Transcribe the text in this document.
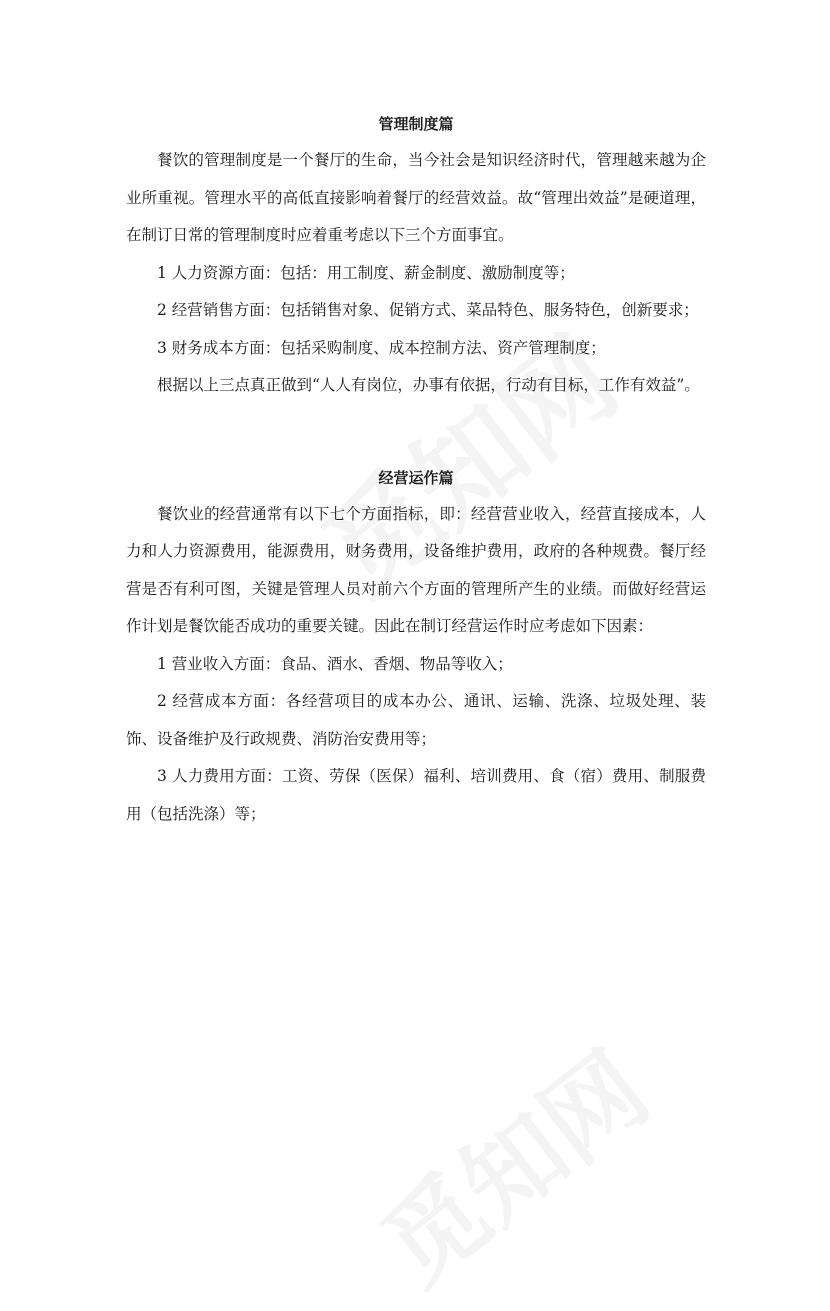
管理制度篇

餐饮的管理制度是一个餐厅的生命，当今社会是知识经济时代，管理越来越为企业所重视。管理水平的高低直接影响着餐厅的经营效益。故“管理出效益”是硬道理，在制订日常的管理制度时应着重考虑以下三个方面事宜。

1 人力资源方面：包括：用工制度、薪金制度、激励制度等；

2 经营销售方面：包括销售对象、促销方式、菜品特色、服务特色，创新要求；

3 财务成本方面：包括采购制度、成本控制方法、资产管理制度；

根据以上三点真正做到“人人有岗位，办事有依据，行动有目标，工作有效益”。

经营运作篇

餐饮业的经营通常有以下七个方面指标，即：经营营业收入，经营直接成本，人力和人力资源费用，能源费用，财务费用，设备维护费用，政府的各种规费。餐厅经营是否有利可图，关键是管理人员对前六个方面的管理所产生的业绩。而做好经营运作计划是餐饮能否成功的重要关键。因此在制订经营运作时应考虑如下因素：

1 营业收入方面：食品、酒水、香烟、物品等收入；

2 经营成本方面：各经营项目的成本办公、通讯、运输、洗涤、垃圾处理、装饰、设备维护及行政规费、消防治安费用等；

3 人力费用方面：工资、劳保（医保）福利、培训费用、食（宿）费用、制服费用（包括洗涤）等；
